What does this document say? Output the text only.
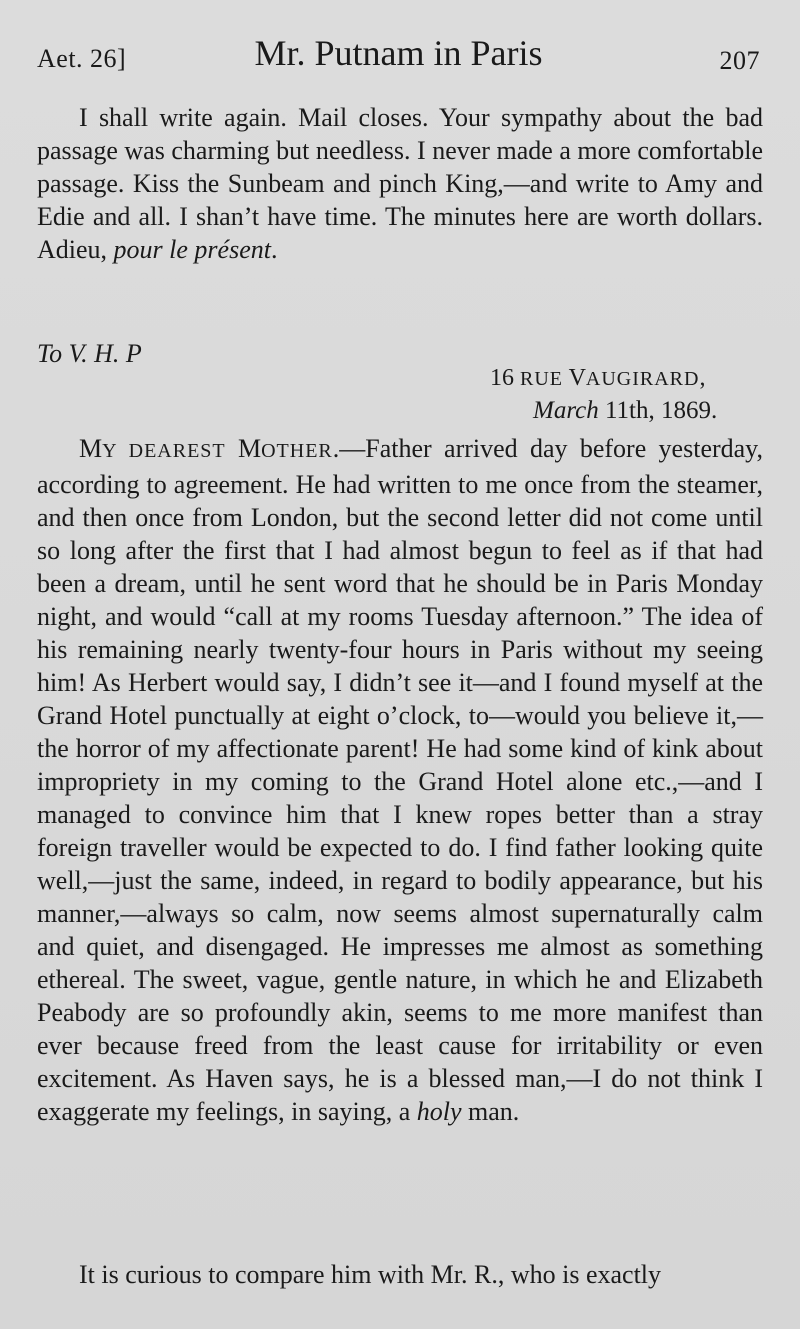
Aet. 26]	Mr. Putnam in Paris	207

I shall write again. Mail closes. Your sympathy about the bad passage was charming but needless. I never made a more comfortable passage. Kiss the Sunbeam and pinch King,—and write to Amy and Edie and all. I shan’t have time. The minutes here are worth dollars. Adieu, pour le présent.

To V. H. P
16 RUE VAUGIRARD,
March 11th, 1869.

MY DEAREST MOTHER.—Father arrived day before yesterday, according to agreement. He had written to me once from the steamer, and then once from London, but the second letter did not come until so long after the first that I had almost begun to feel as if that had been a dream, until he sent word that he should be in Paris Monday night, and would “call at my rooms Tuesday afternoon.” The idea of his remaining nearly twenty-four hours in Paris without my seeing him! As Herbert would say, I didn’t see it—and I found myself at the Grand Hotel punctually at eight o’clock, to—would you believe it,—the horror of my affectionate parent! He had some kind of kink about impropriety in my coming to the Grand Hotel alone etc.,—and I managed to convince him that I knew ropes better than a stray foreign traveller would be expected to do. I find father looking quite well,—just the same, indeed, in regard to bodily appearance, but his manner,—always so calm, now seems almost supernaturally calm and quiet, and disengaged. He impresses me almost as something ethereal. The sweet, vague, gentle nature, in which he and Elizabeth Peabody are so profoundly akin, seems to me more manifest than ever because freed from the least cause for irritability or even excitement. As Haven says, he is a blessed man,—I do not think I exaggerate my feelings, in saying, a holy man.

It is curious to compare him with Mr. R., who is exactly
